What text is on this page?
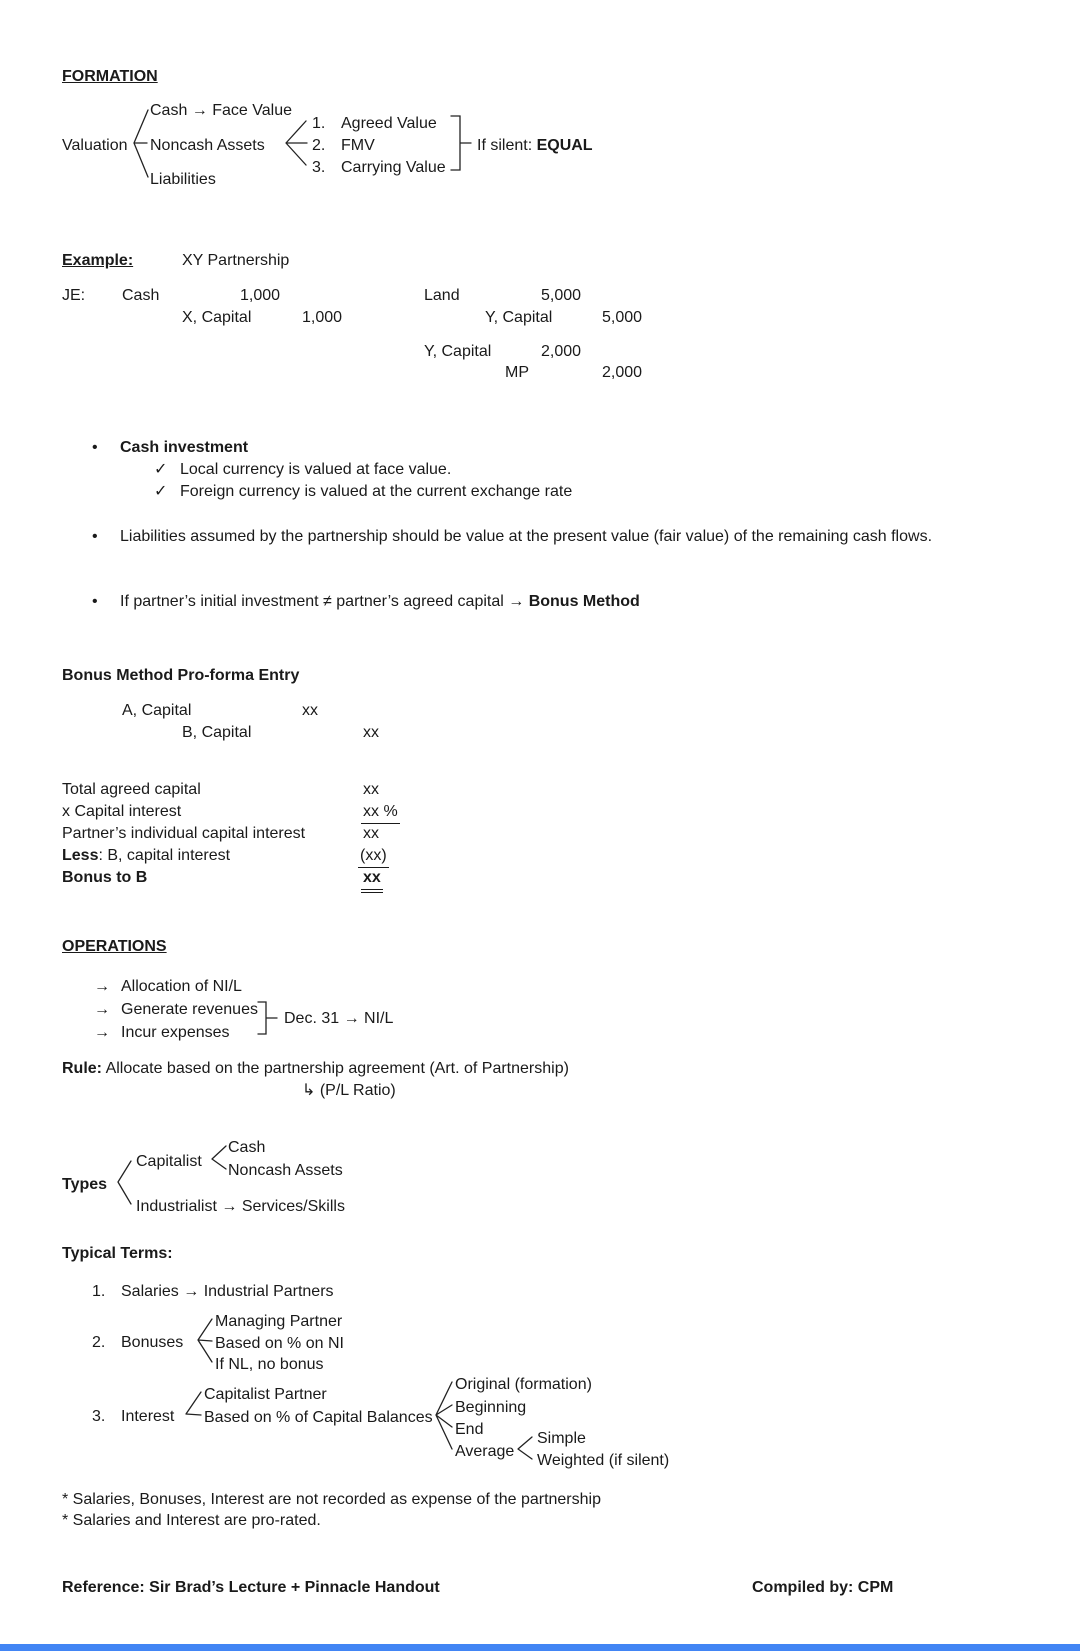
FORMATION
Cash → Face Value
Valuation Noncash Assets
Liabilities
1. Agreed Value
2. FMV
3. Carrying Value
If silent: EQUAL
Example:	XY Partnership
JE: Cash	1,000
X, Capital	1,000
Land	5,000
Y, Capital	5,000
Y, Capital	2,000
MP	2,000
• Cash investment
✓ Local currency is valued at face value.
✓ Foreign currency is valued at the current exchange rate
• Liabilities assumed by the partnership should be value at the present value (fair value) of the remaining cash flows.
• If partner’s initial investment ≠ partner’s agreed capital → Bonus Method
Bonus Method Pro-forma Entry
A, Capital	xx
B, Capital	xx
Total agreed capital	xx
x Capital interest	xx %
Partner’s individual capital interest	xx
Less: B, capital interest	(xx)
Bonus to B	xx
OPERATIONS
→ Allocation of NI/L
→ Generate revenues
→ Incur expenses
Dec. 31 → NI/L
Rule: Allocate based on the partnership agreement (Art. of Partnership)
↳ (P/L Ratio)
Cash
Capitalist
Noncash Assets
Types
Industrialist → Services/Skills
Typical Terms:
1. Salaries → Industrial Partners
Managing Partner
2. Bonuses Based on % on NI
If NL, no bonus
Capitalist Partner
3. Interest Based on % of Capital Balances
Original (formation)
Beginning
End
Average
Simple
Weighted (if silent)
* Salaries, Bonuses, Interest are not recorded as expense of the partnership
* Salaries and Interest are pro-rated.
Reference: Sir Brad’s Lecture + Pinnacle Handout	Compiled by: CPM
